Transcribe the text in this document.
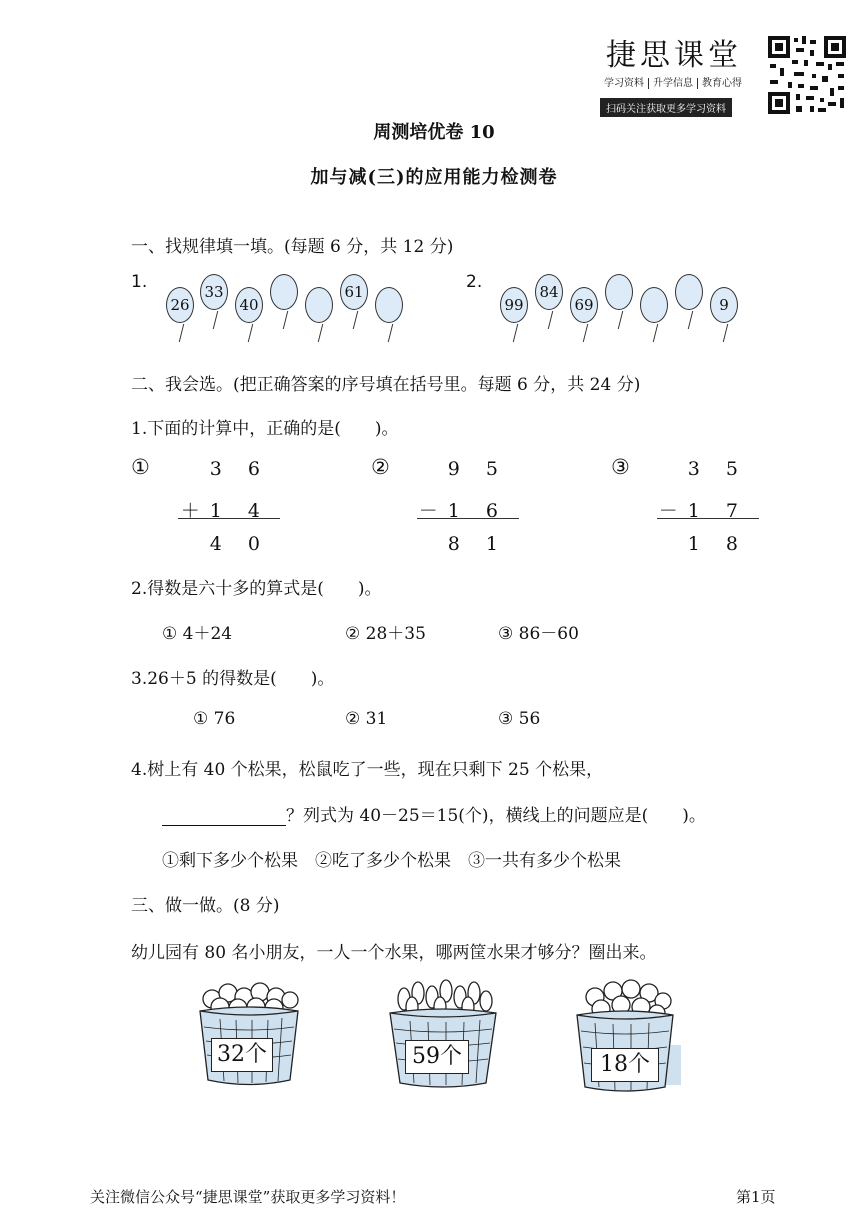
捷思课堂
学习资料 升学信息 教育心得
扫码关注获取更多学习资料
周测培优卷 10
加与减(三)的应用能力检测卷
一、找规律填一填。(每题 6 分，共 12 分)
1.	2.
26
33
40
61
99
84
69	9
二、我会选。(把正确答案的序号填在括号里。每题 6 分，共 24 分)
1.下面的计算中，正确的是(　　)。
①	3 6
＋1 4
4 0
②	9 5
－1 6
8 1
③	3 5
－1 7
1 8
2.得数是六十多的算式是(　　)。
① 4＋24	② 28＋35	③ 86－60
3.26＋5 的得数是(　　)。
① 76	② 31	③ 56
4.树上有 40 个松果，松鼠吃了一些，现在只剩下 25 个松果，
？列式为 40－25＝15(个)，横线上的问题应是(　　)。
①剩下多少个松果　②吃了多少个松果　③一共有多少个松果
三、做一做。(8 分)
幼儿园有 80 名小朋友，一人一个水果，哪两筐水果才够分？圈出来。
32个	59个	18个
关注微信公众号“捷思课堂”获取更多学习资料！	第1页
